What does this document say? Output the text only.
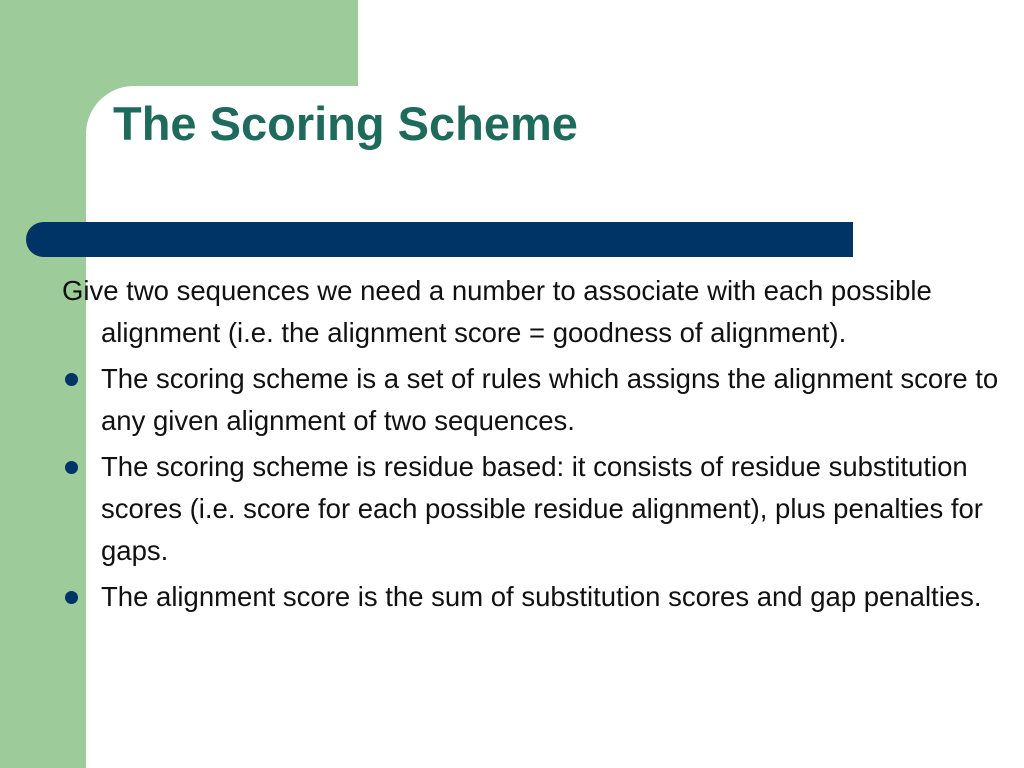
The Scoring Scheme

Give two sequences we need a number to associate with each possible alignment (i.e. the alignment score = goodness of alignment).

The scoring scheme is a set of rules which assigns the alignment score to any given alignment of two sequences.
The scoring scheme is residue based: it consists of residue substitution scores (i.e. score for each possible residue alignment), plus penalties for gaps.
The alignment score is the sum of substitution scores and gap penalties.
